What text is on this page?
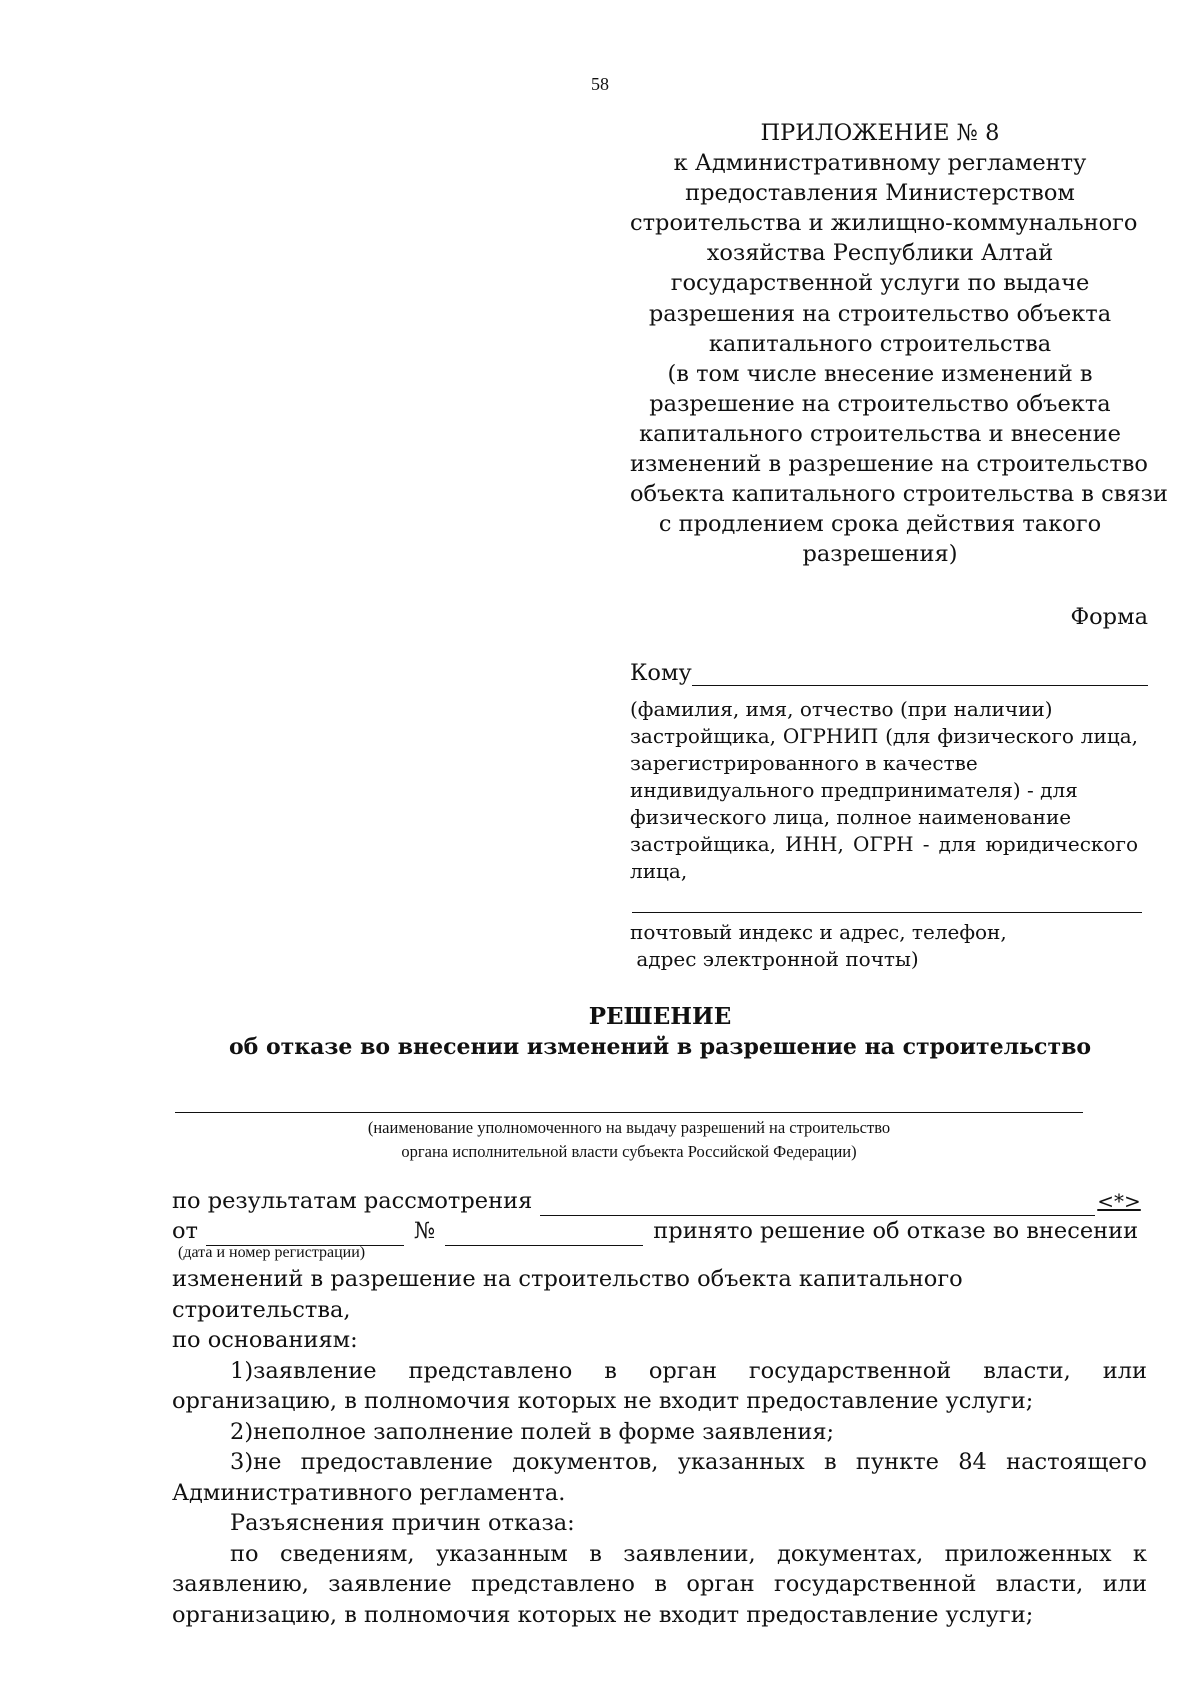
58
ПРИЛОЖЕНИЕ № 8
к Административному регламенту
предоставления Министерством
строительства и жилищно-коммунального
хозяйства Республики Алтай
государственной услуги по выдаче
разрешения на строительство объекта
капитального строительства
(в том числе внесение изменений в
разрешение на строительство объекта
капитального строительства и внесение
изменений в разрешение на строительство
объекта капитального строительства в связи
с продлением срока действия такого
разрешения)
Форма
Кому
(фамилия, имя, отчество (при наличии)
застройщика, ОГРНИП (для физического лица,
зарегистрированного в качестве
индивидуального предпринимателя) - для
физического лица, полное наименование
застройщика, ИНН, ОГРН - для юридического
лица,
почтовый индекс и адрес, телефон,
адрес электронной почты)
РЕШЕНИЕ
об отказе во внесении изменений в разрешение на строительство
(наименование уполномоченного на выдачу разрешений на строительство
органа исполнительной власти субъекта Российской Федерации)
по результатам рассмотрения	<*>
от	№	принято решение об отказе во внесении
(дата и номер регистрации)
изменений в разрешение на строительство объекта капитального строительства,
по основаниям:
1)заявление представлено в орган государственной власти, или организацию, в полномочия которых не входит предоставление услуги;
2)неполное заполнение полей в форме заявления;
3)не предоставление документов, указанных в пункте 84 настоящего
Административного регламента.
Разъяснения причин отказа:
по сведениям, указанным в заявлении, документах, приложенных к заявлению, заявление представлено в орган государственной власти, или организацию, в полномочия которых не входит предоставление услуги;
